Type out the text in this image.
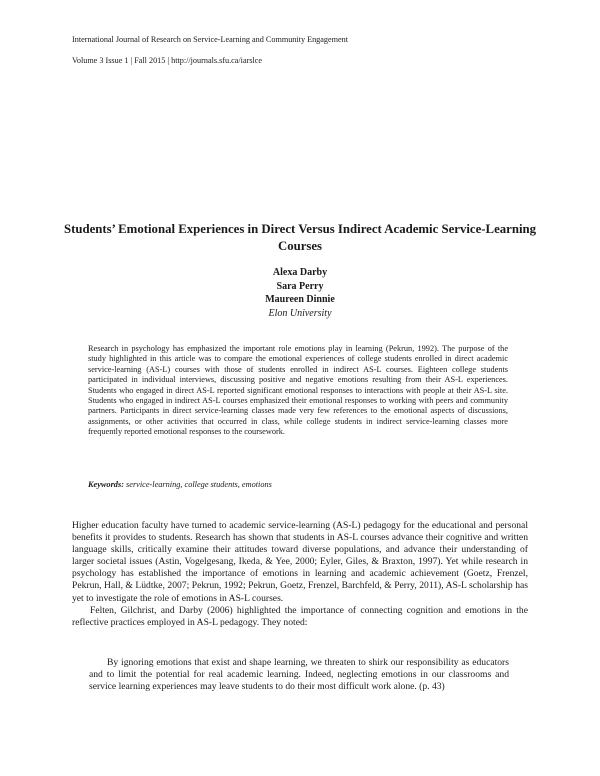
International Journal of Research on Service-Learning and Community Engagement
Volume 3 Issue 1 | Fall 2015 | http://journals.sfu.ca/iarslce
Students’ Emotional Experiences in Direct Versus Indirect Academic Service-Learning Courses
Alexa Darby
Sara Perry
Maureen Dinnie
Elon University
Research in psychology has emphasized the important role emotions play in learning (Pekrun, 1992). The purpose of the study highlighted in this article was to compare the emotional experiences of college students enrolled in direct academic service-learning (AS-L) courses with those of students enrolled in indirect AS-L courses. Eighteen college students participated in individual interviews, discussing positive and negative emotions resulting from their AS-L experiences. Students who engaged in direct AS-L reported significant emotional responses to interactions with people at their AS-L site. Students who engaged in indirect AS-L courses emphasized their emotional responses to working with peers and community partners. Participants in direct service-learning classes made very few references to the emotional aspects of discussions, assignments, or other activities that occurred in class, while college students in indirect service-learning classes more frequently reported emotional responses to the coursework.
Keywords: service-learning, college students, emotions

Higher education faculty have turned to academic service-learning (AS-L) pedagogy for the educational and personal benefits it provides to students. Research has shown that students in AS-L courses advance their cognitive and written language skills, critically examine their attitudes toward diverse populations, and advance their understanding of larger societal issues (Astin, Vogelgesang, Ikeda, & Yee, 2000; Eyler, Giles, & Braxton, 1997). Yet while research in psychology has established the importance of emotions in learning and academic achievement (Goetz, Frenzel, Pekrun, Hall, & Lüdtke, 2007; Pekrun, 1992; Pekrun, Goetz, Frenzel, Barchfeld, & Perry, 2011), AS-L scholarship has yet to investigate the role of emotions in AS-L courses.

Felten, Gilchrist, and Darby (2006) highlighted the importance of connecting cognition and emotions in the reflective practices employed in AS-L pedagogy. They noted:

By ignoring emotions that exist and shape learning, we threaten to shirk our responsibility as educators and to limit the potential for real academic learning. Indeed, neglecting emotions in our classrooms and service learning experiences may leave students to do their most difficult work alone. (p. 43)
